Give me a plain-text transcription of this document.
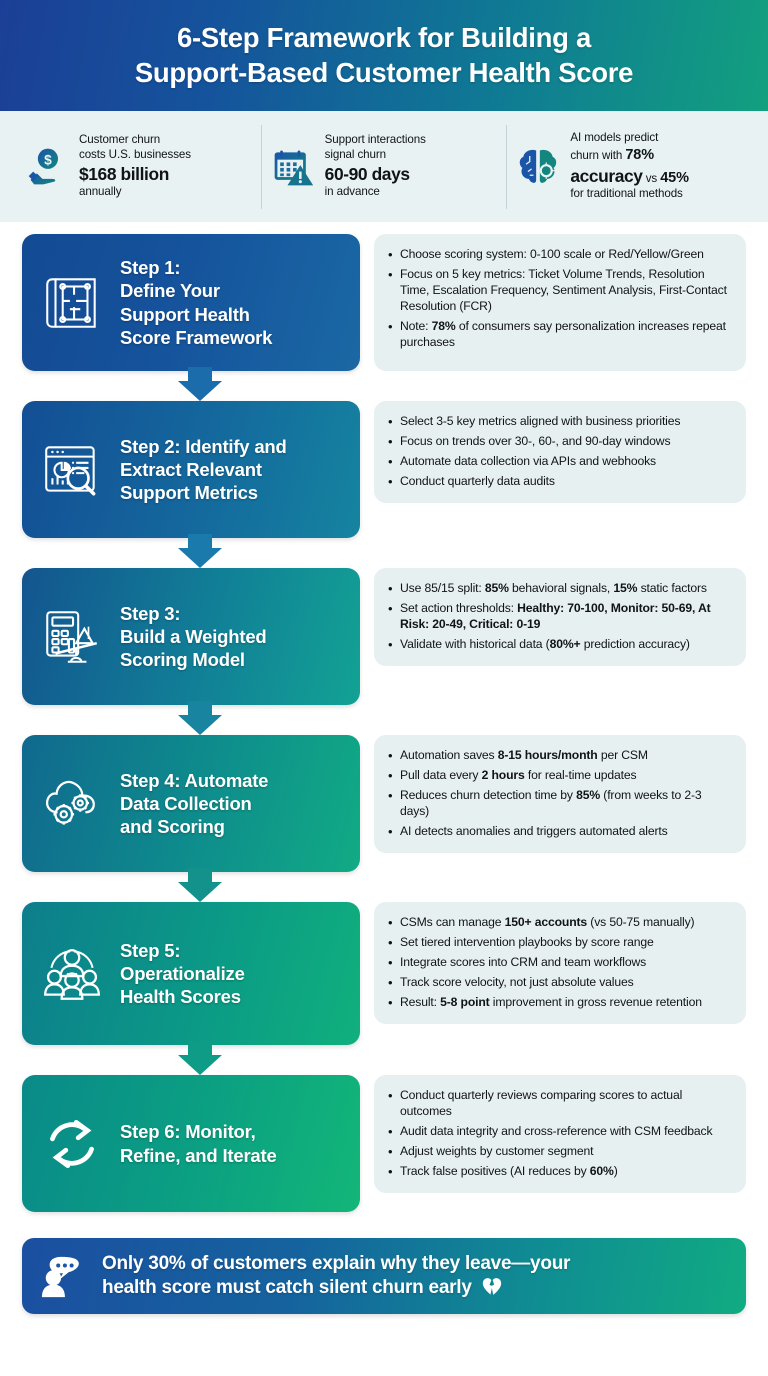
6-Step Framework for Building a
Support-Based Customer Health Score
$
Customer churn
costs U.S. businesses
$168 billion
annually
Support interactions
signal churn
60-90 days
in advance
AI models predict
churn with 78%
accuracy vs 45%
for traditional methods
Step 1:
Define Your
Support Health
Score Framework
• Choose scoring system: 0-100 scale or Red/Yellow/Green
• Focus on 5 key metrics: Ticket Volume Trends, Resolution Time, Escalation Frequency, Sentiment Analysis, First-Contact Resolution (FCR)
• Note: 78% of consumers say personalization increases repeat purchases
Step 2: Identify and
Extract Relevant
Support Metrics
• Select 3-5 key metrics aligned with business priorities
• Focus on trends over 30-, 60-, and 90-day windows
• Automate data collection via APIs and webhooks
• Conduct quarterly data audits
Step 3:
Build a Weighted
Scoring Model
• Use 85/15 split: 85% behavioral signals, 15% static factors
• Set action thresholds: Healthy: 70-100, Monitor: 50-69, At Risk: 20-49, Critical: 0-19
• Validate with historical data (80%+ prediction accuracy)
Step 4: Automate
Data Collection
and Scoring
• Automation saves 8-15 hours/month per CSM
• Pull data every 2 hours for real-time updates
• Reduces churn detection time by 85% (from weeks to 2-3 days)
• AI detects anomalies and triggers automated alerts
Step 5:
Operationalize
Health Scores
• CSMs can manage 150+ accounts (vs 50-75 manually)
• Set tiered intervention playbooks by score range
• Integrate scores into CRM and team workflows
• Track score velocity, not just absolute values
• Result: 5-8 point improvement in gross revenue retention
Step 6: Monitor,
Refine, and Iterate
• Conduct quarterly reviews comparing scores to actual outcomes
• Audit data integrity and cross-reference with CSM feedback
• Adjust weights by customer segment
• Track false positives (AI reduces by 60%)
Only 30% of customers explain why they leave—your
health score must catch silent churn early
